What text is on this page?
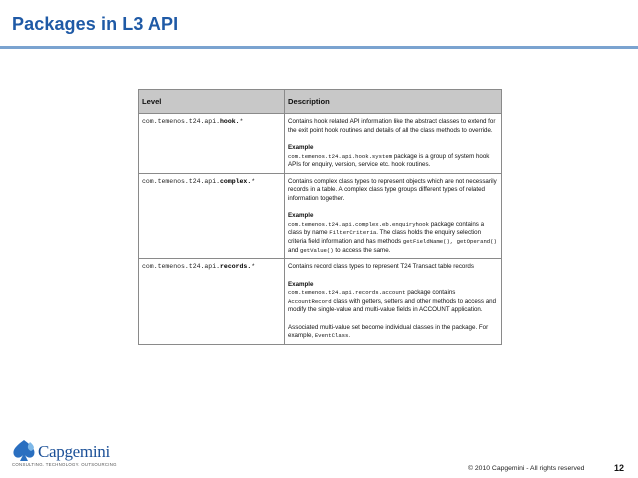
Packages in L3 API
Level	Description
com.temenos.t24.api.hook.*	Contains hook related API information like the abstract classes to extend for the exit point hook routines and details of all the class methods to override.

Example

com.temenos.t24.api.hook.system package is a group of system hook APIs for enquiry, version, service etc. hook routines.

com.temenos.t24.api.complex.*	Contains complex class types to represent objects which are not necessarily records in a table. A complex class type groups different types of related information together.

Example

com.temenos.t24.api.complex.eb.enquiryhook package contains a class by name FilterCriteria. The class holds the enquiry selection criteria field information and has methods getFieldName(), getOperand() and getValue() to access the same.

com.temenos.t24.api.records.*	Contains record class types to represent T24 Transact table records

Example

com.temenos.t24.api.records.account package contains AccountRecord class with getters, setters and other methods to access and modify the single-value and multi-value fields in ACCOUNT application.

Associated multi-value set become individual classes in the package. For example, EventClass.

Capgemini
CONSULTING. TECHNOLOGY. OUTSOURCING
© 2010 Capgemini - All rights reserved	12
